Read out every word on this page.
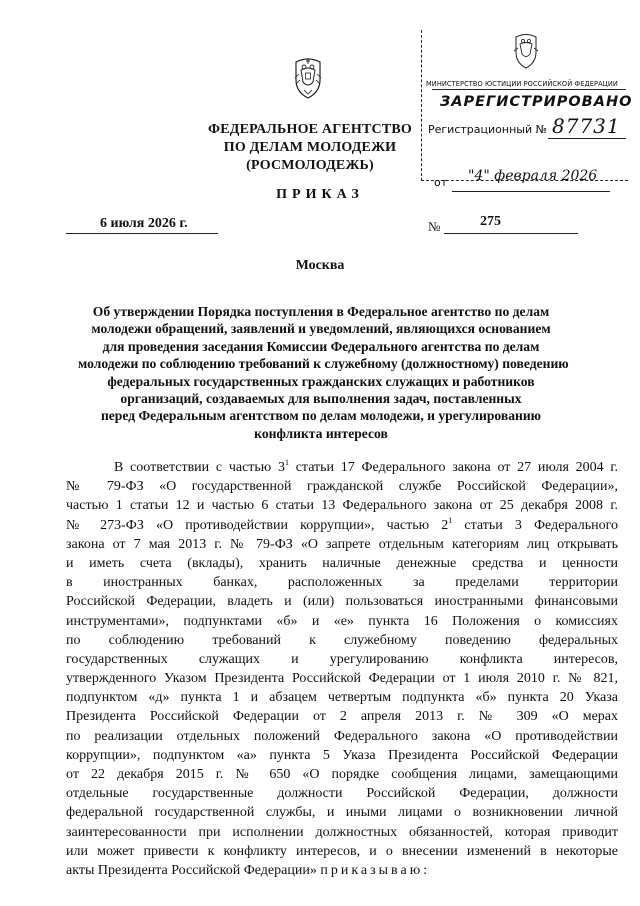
ФЕДЕРАЛЬНОЕ АГЕНТСТВО
ПО ДЕЛАМ МОЛОДЕЖИ
(РОСМОЛОДЕЖЬ)
МИНИСТЕРСТВО ЮСТИЦИИ РОССИЙСКОЙ ФЕДЕРАЦИИ
ЗАРЕГИСТРИРОВАНО
Регистрационный № 87731
от "4" февраля 2026
ПРИКАЗ
6 июля 2026 г.	№	275
Москва
Об утверждении Порядка поступления в Федеральное агентство по делам
молодежи обращений, заявлений и уведомлений, являющихся основанием
для проведения заседания Комиссии Федерального агентства по делам
молодежи по соблюдению требований к служебному (должностному) поведению
федеральных государственных гражданских служащих и работников
организаций, создаваемых для выполнения задач, поставленных
перед Федеральным агентством по делам молодежи, и урегулированию
конфликта интересов
В соответствии с частью $3^1$ статьи 17 Федерального закона от 27 июля 2004 г.
№ 79-ФЗ «О государственной гражданской службе Российской Федерации»,
частью 1 статьи 12 и частью 6 статьи 13 Федерального закона от 25 декабря 2008 г.
№ 273-ФЗ «О противодействии коррупции», частью $2^1$ статьи 3 Федерального
закона от 7 мая 2013 г. № 79-ФЗ «О запрете отдельным категориям лиц открывать
и иметь счета (вклады), хранить наличные денежные средства и ценности
в иностранных банках, расположенных за пределами территории
Российской Федерации, владеть и (или) пользоваться иностранными финансовыми
инструментами», подпунктами «б» и «е» пункта 16 Положения о комиссиях
по соблюдению требований к служебному поведению федеральных
государственных служащих и урегулированию конфликта интересов,
утвержденного Указом Президента Российской Федерации от 1 июля 2010 г. № 821,
подпунктом «д» пункта 1 и абзацем четвертым подпункта «б» пункта 20 Указа
Президента Российской Федерации от 2 апреля 2013 г. № 309 «О мерах
по реализации отдельных положений Федерального закона «О противодействии
коррупции», подпунктом «а» пункта 5 Указа Президента Российской Федерации
от 22 декабря 2015 г. № 650 «О порядке сообщения лицами, замещающими
отдельные государственные должности Российской Федерации, должности
федеральной государственной службы, и иными лицами о возникновении личной
заинтересованности при исполнении должностных обязанностей, которая приводит
или может привести к конфликту интересов, и о внесении изменений в некоторые
акты Президента Российской Федерации» приказываю:
